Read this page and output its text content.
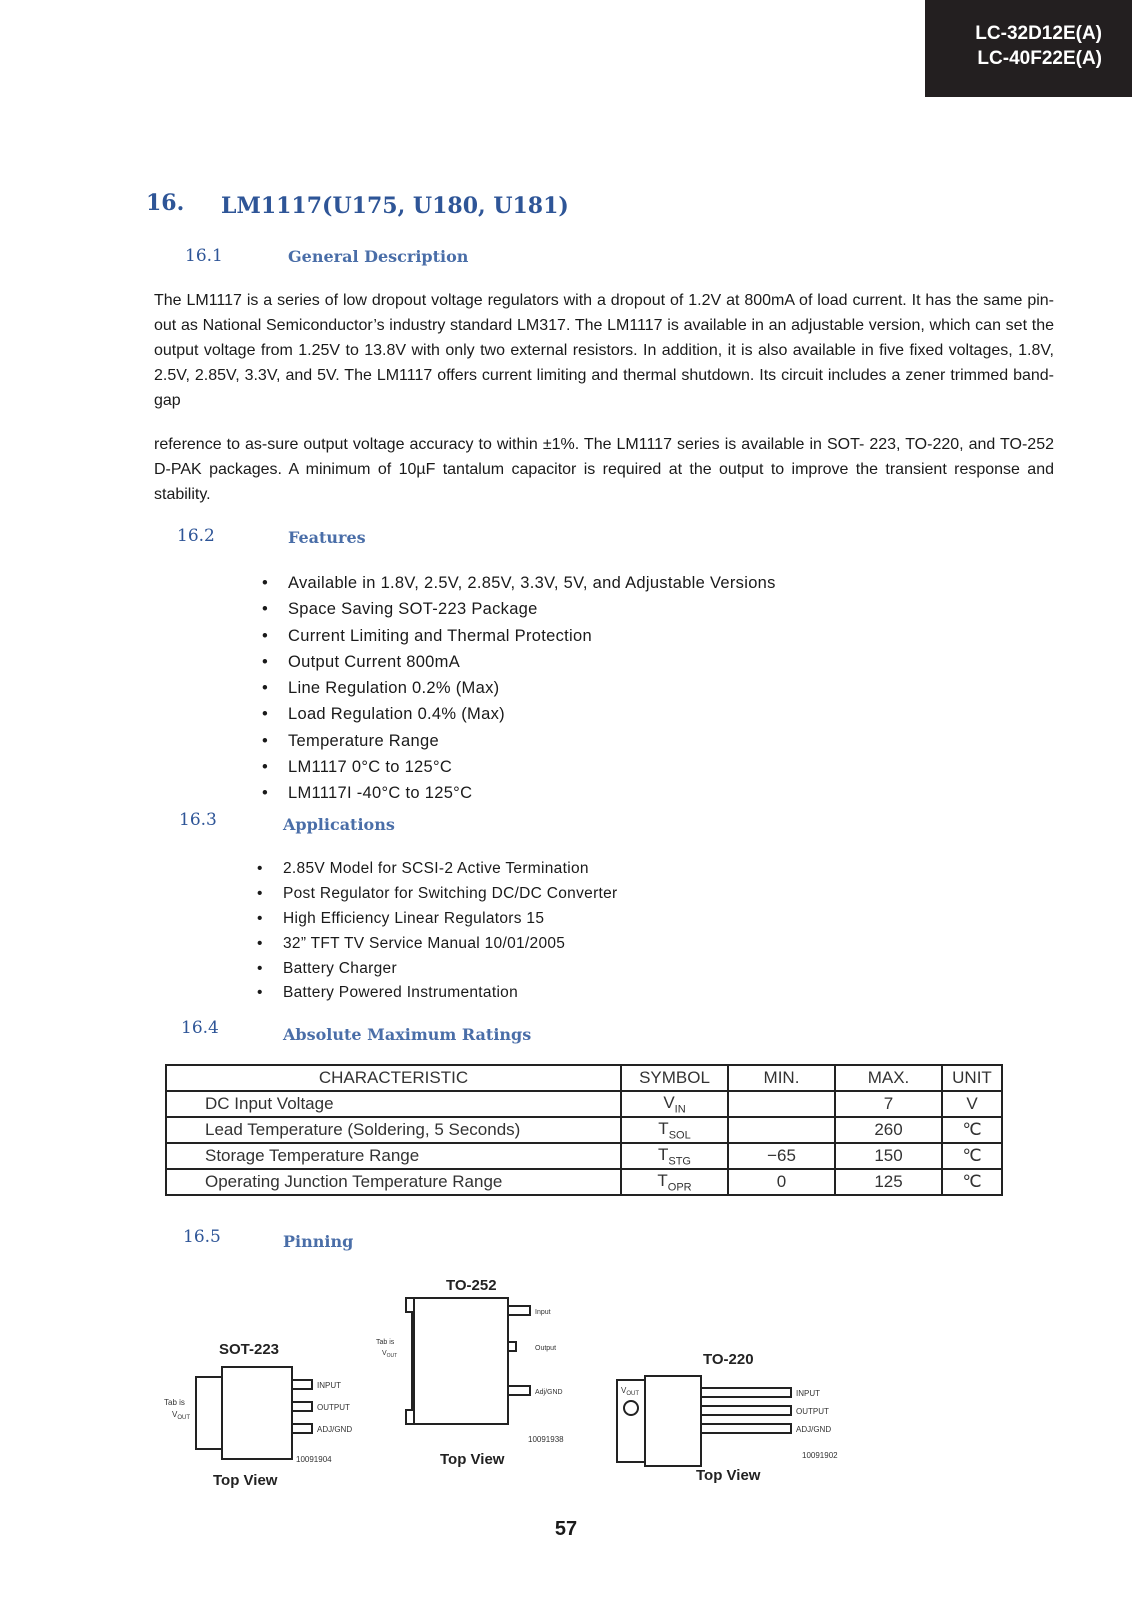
LC-32D12E(A)
LC-40F22E(A)
16. LM1117(U175, U180, U181)
16.1	General Description

The LM1117 is a series of low dropout voltage regulators with a dropout of 1.2V at 800mA of load current. It has the same pin-out as National Semiconductor’s industry standard LM317. The LM1117 is available in an adjustable version, which can set the output voltage from 1.25V to 13.8V with only two external resistors. In addition, it is also available in five fixed voltages, 1.8V, 2.5V, 2.85V, 3.3V, and 5V. The LM1117 offers current limiting and thermal shutdown. Its circuit includes a zener trimmed band-gap

reference to as-sure output voltage accuracy to within ±1%. The LM1117 series is available in SOT- 223, TO-220, and TO-252 D-PAK packages. A minimum of 10µF tantalum capacitor is required at the output to improve the transient response and stability.

16.2	Features
• Available in 1.8V, 2.5V, 2.85V, 3.3V, 5V, and Adjustable Versions
• Space Saving SOT-223 Package
• Current Limiting and Thermal Protection
• Output Current 800mA
• Line Regulation 0.2% (Max)
• Load Regulation 0.4% (Max)
• Temperature Range
• LM1117 0°C to 125°C
• LM1117I -40°C to 125°C
16.3	Applications
• 2.85V Model for SCSI-2 Active Termination
• Post Regulator for Switching DC/DC Converter
• High Efficiency Linear Regulators 15
• 32” TFT TV Service Manual 10/01/2005
• Battery Charger
• Battery Powered Instrumentation
16.4	Absolute Maximum Ratings
CHARACTERISTIC	SYMBOL	MIN.	MAX.	UNIT
DC Input Voltage	$V_{IN}$		7	V
Lead Temperature (Soldering, 5 Seconds)	$T_{SOL}$		260	℃
Storage Temperature Range	$T_{STG}$	−65	150	℃
Operating Junction Temperature Range	$T_{OPR}$	0	125	℃
16.5	Pinning
SOT-223
INPUT
OUTPUT
ADJ/GND
Tab is
$V_{OUT}$
10091904
Top View
TO-252
Input
Output
Adj/GND
Tab is
$V_{OUT}$
10091938
Top View
TO-220
INPUT
OUTPUT
ADJ/GND
$V_{OUT}$
10091902
Top View
57
